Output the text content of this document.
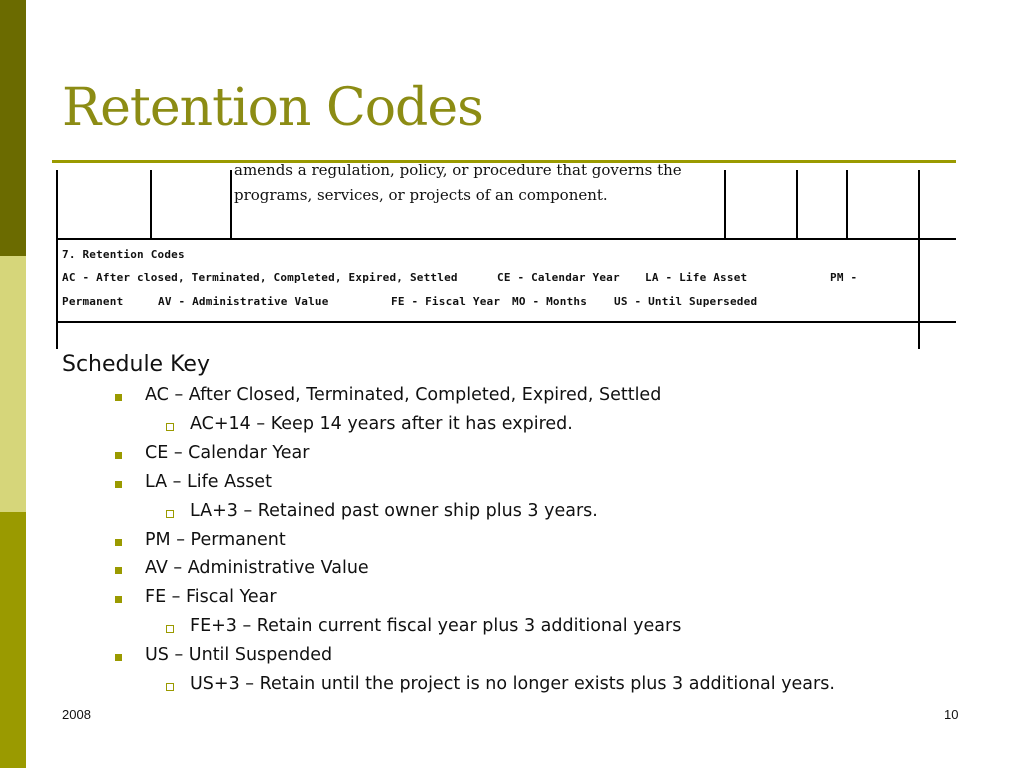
Retention Codes
amends a regulation, policy, or procedure that governs the
programs, services, or projects of an component.
7. Retention Codes
AC - After closed, Terminated, Completed, Expired, Settled	CE - Calendar Year LA - Life Asset	PM -
Permanent	AV - Administrative Value	FE - Fiscal Year MO - Months US - Until Superseded
Schedule Key
AC – After Closed, Terminated, Completed, Expired, Settled
AC+14 – Keep 14 years after it has expired.
CE – Calendar Year
LA – Life Asset
LA+3 – Retained past owner ship plus 3 years.
PM – Permanent
AV – Administrative Value
FE – Fiscal Year
FE+3 – Retain current fiscal year plus 3 additional years
US – Until Suspended
US+3 – Retain until the project is no longer exists plus 3 additional years.
2008	10
